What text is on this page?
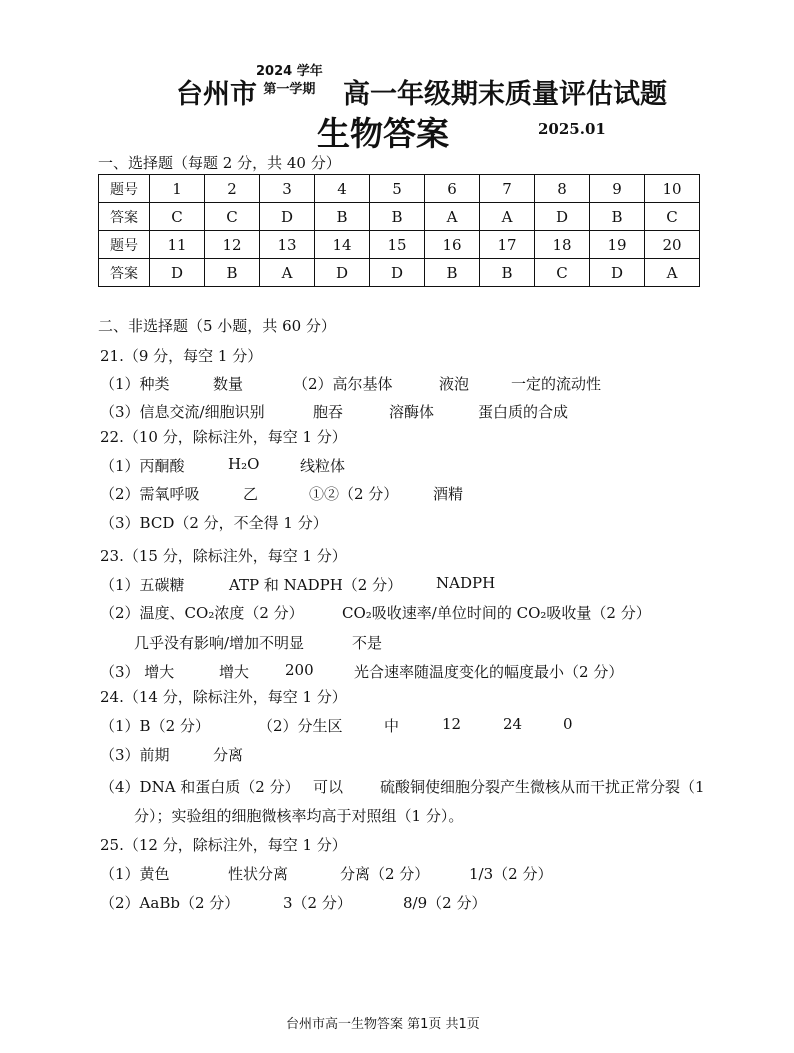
台州市
2024 学年
第一学期 高一年级期末质量评估试题
生物答案	2025.01
一、选择题（每题 2 分，共 40 分）
题号	1	2	3	4	5	6	7	8	9	10
答案	C	C	D	B	B	A	A	D	B	C
题号	11	12	13	14	15	16	17	18	19	20
答案	D	B	A	D	D	B	B	C	D	A
二、非选择题（5 小题，共 60 分）
21.（9 分，每空 1 分）
（1）种类	数量	（2）高尔基体	液泡	一定的流动性
（3）信息交流/细胞识别	胞吞	溶酶体	蛋白质的合成
22.（10 分，除标注外，每空 1 分）
（1）丙酮酸	H₂O	线粒体
（2）需氧呼吸	乙	①②（2 分） 酒精
（3）BCD（2 分，不全得 1 分）
23.（15 分，除标注外，每空 1 分）
（1）五碳糖	ATP 和 NADPH（2 分） NADPH
（2）温度、CO₂浓度（2 分）	CO₂吸收速率/单位时间的 CO₂吸收量（2 分）
几乎没有影响/增加不明显	不是
（3） 增大	增大 200	光合速率随温度变化的幅度最小（2 分）
24.（14 分，除标注外，每空 1 分）
（1）B（2 分）	（2）分生区	中	12	24	0
（3）前期	分离
（4）DNA 和蛋白质（2 分） 可以 硫酸铜使细胞分裂产生微核从而干扰正常分裂（1
分）；实验组的细胞微核率均高于对照组（1 分）。
25.（12 分，除标注外，每空 1 分）
（1）黄色	性状分离	分离（2 分）	1/3（2 分）
（2）AaBb（2 分）	3（2 分）	8/9（2 分）
台州市高一生物答案 第1页 共1页
